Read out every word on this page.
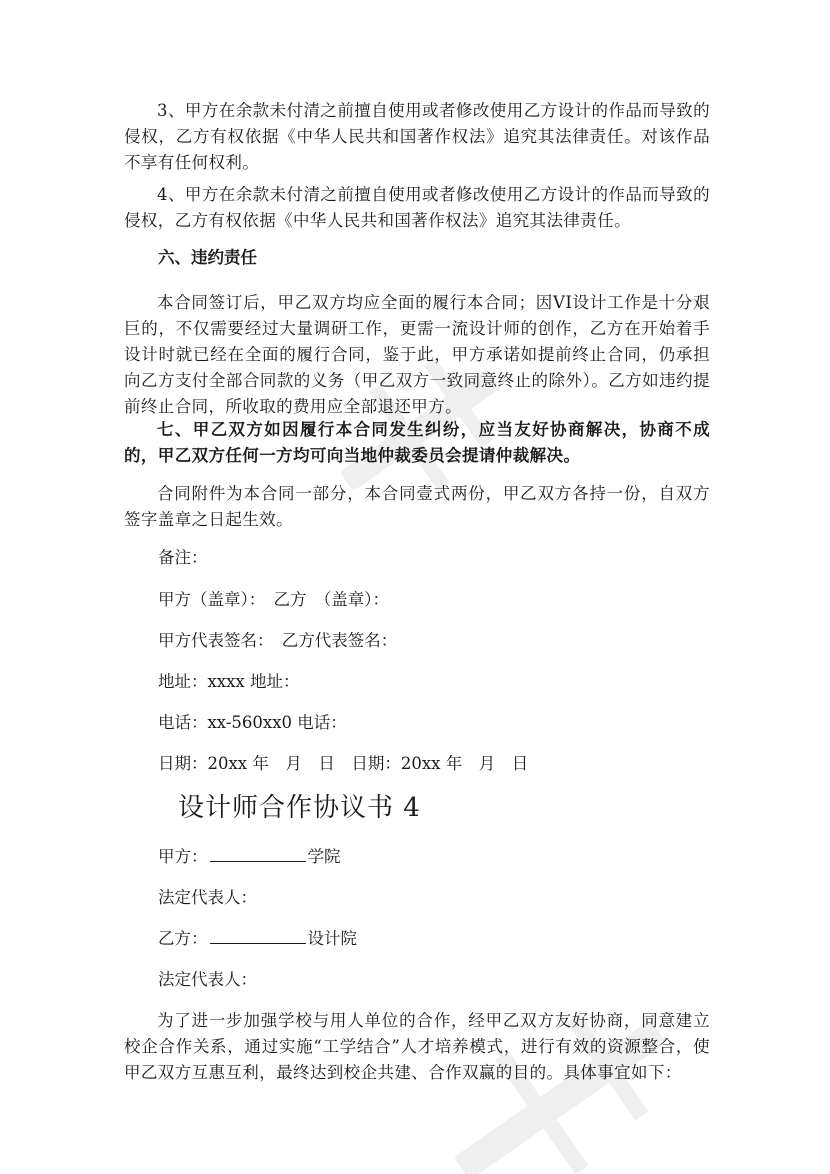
3、甲方在余款未付清之前擅自使用或者修改使用乙方设计的作品而导致的侵权，乙方有权依据《中华人民共和国著作权法》追究其法律责任。对该作品不享有任何权利。

4、甲方在余款未付清之前擅自使用或者修改使用乙方设计的作品而导致的侵权，乙方有权依据《中华人民共和国著作权法》追究其法律责任。

六、违约责任

本合同签订后，甲乙双方均应全面的履行本合同；因VI设计工作是十分艰巨的，不仅需要经过大量调研工作，更需一流设计师的创作，乙方在开始着手设计时就已经在全面的履行合同，鉴于此，甲方承诺如提前终止合同，仍承担向乙方支付全部合同款的义务（甲乙双方一致同意终止的除外）。乙方如违约提前终止合同，所收取的费用应全部退还甲方。

七、甲乙双方如因履行本合同发生纠纷，应当友好协商解决，协商不成的，甲乙双方任何一方均可向当地仲裁委员会提请仲裁解决。

合同附件为本合同一部分，本合同壹式两份，甲乙双方各持一份，自双方签字盖章之日起生效。

备注：

甲方（盖章）：　乙方　（盖章）：

甲方代表签名：　乙方代表签名：

地址：xxxx 地址：

电话：xx-560xx0 电话：

日期：20xx 年　月　日　日期：20xx 年　月　日

设计师合作协议书 4

甲方：	学院

法定代表人：

乙方：	设计院

法定代表人：

为了进一步加强学校与用人单位的合作，经甲乙双方友好协商，同意建立校企合作关系，通过实施“工学结合”人才培养模式，进行有效的资源整合，使甲乙双方互惠互利，最终达到校企共建、合作双赢的目的。具体事宜如下：
